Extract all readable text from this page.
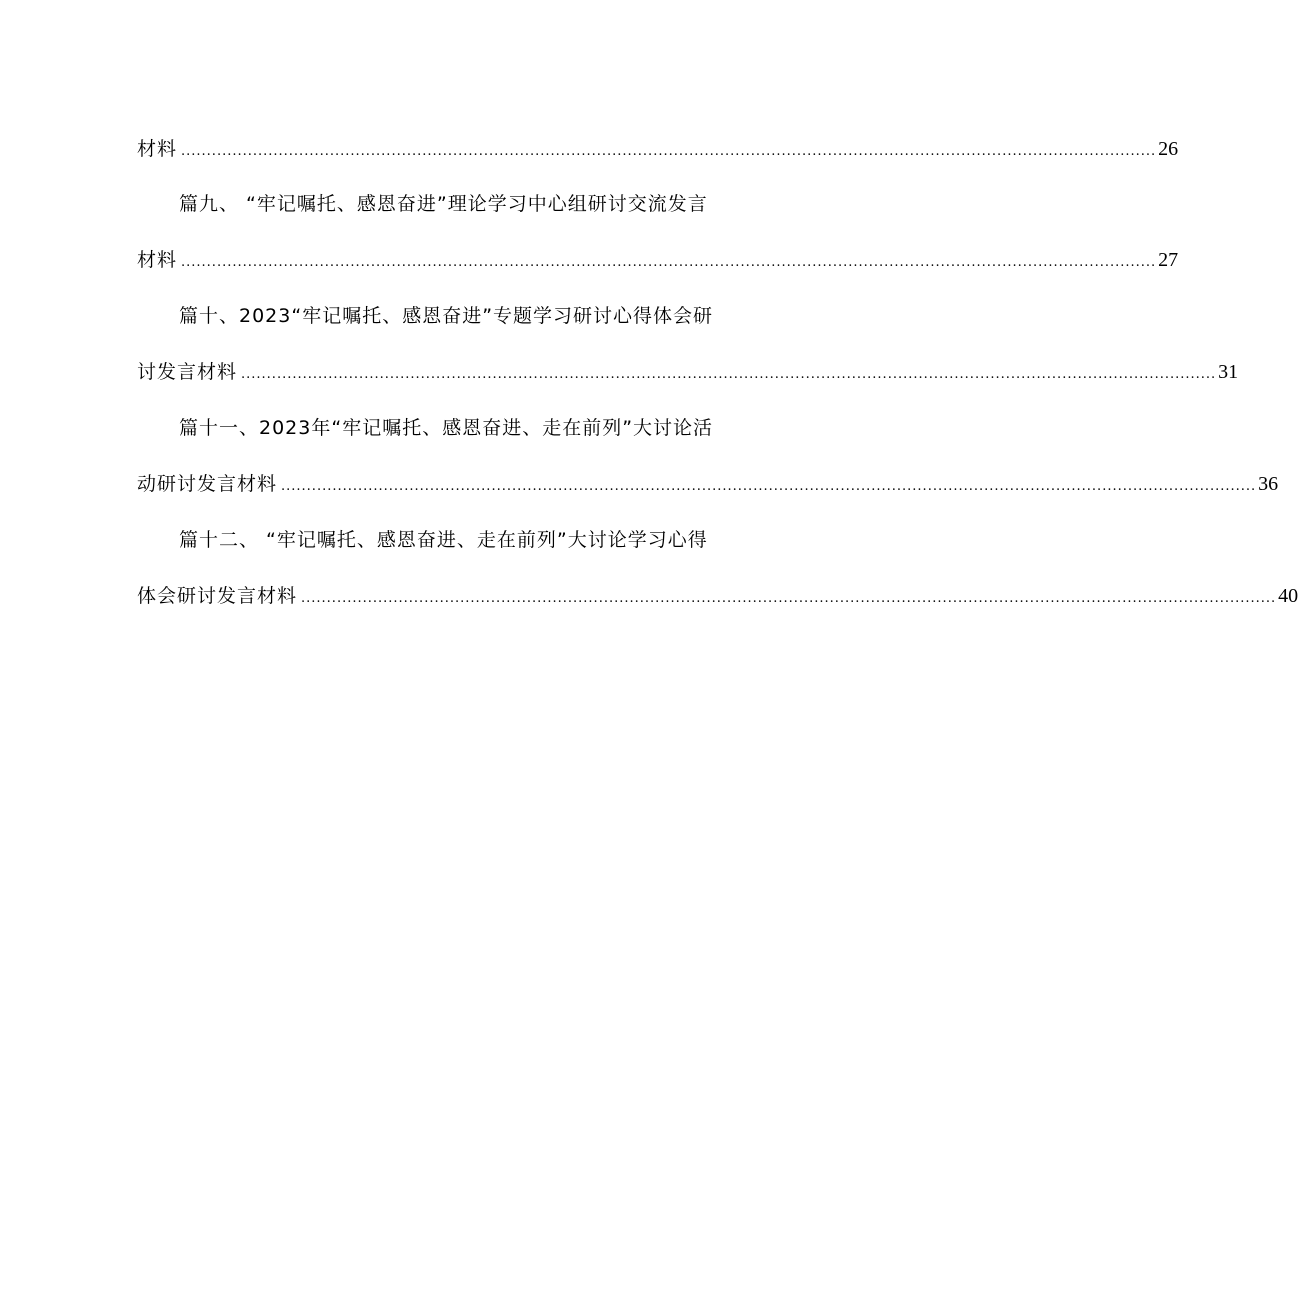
材料 .............................................................................................................................................................................................. 26
篇九、 “牢记嘱托、感恩奋进”理论学习中心组研讨交流发言
材料 .............................................................................................................................................................................................. 27
篇十、2023“牢记嘱托、感恩奋进”专题学习研讨心得体会研
讨发言材料 .............................................................................................................................................................................................. 31
篇十一、2023年“牢记嘱托、感恩奋进、走在前列”大讨论活
动研讨发言材料 .............................................................................................................................................................................................. 36
篇十二、 “牢记嘱托、感恩奋进、走在前列”大讨论学习心得
体会研讨发言材料 .............................................................................................................................................................................................. 40
